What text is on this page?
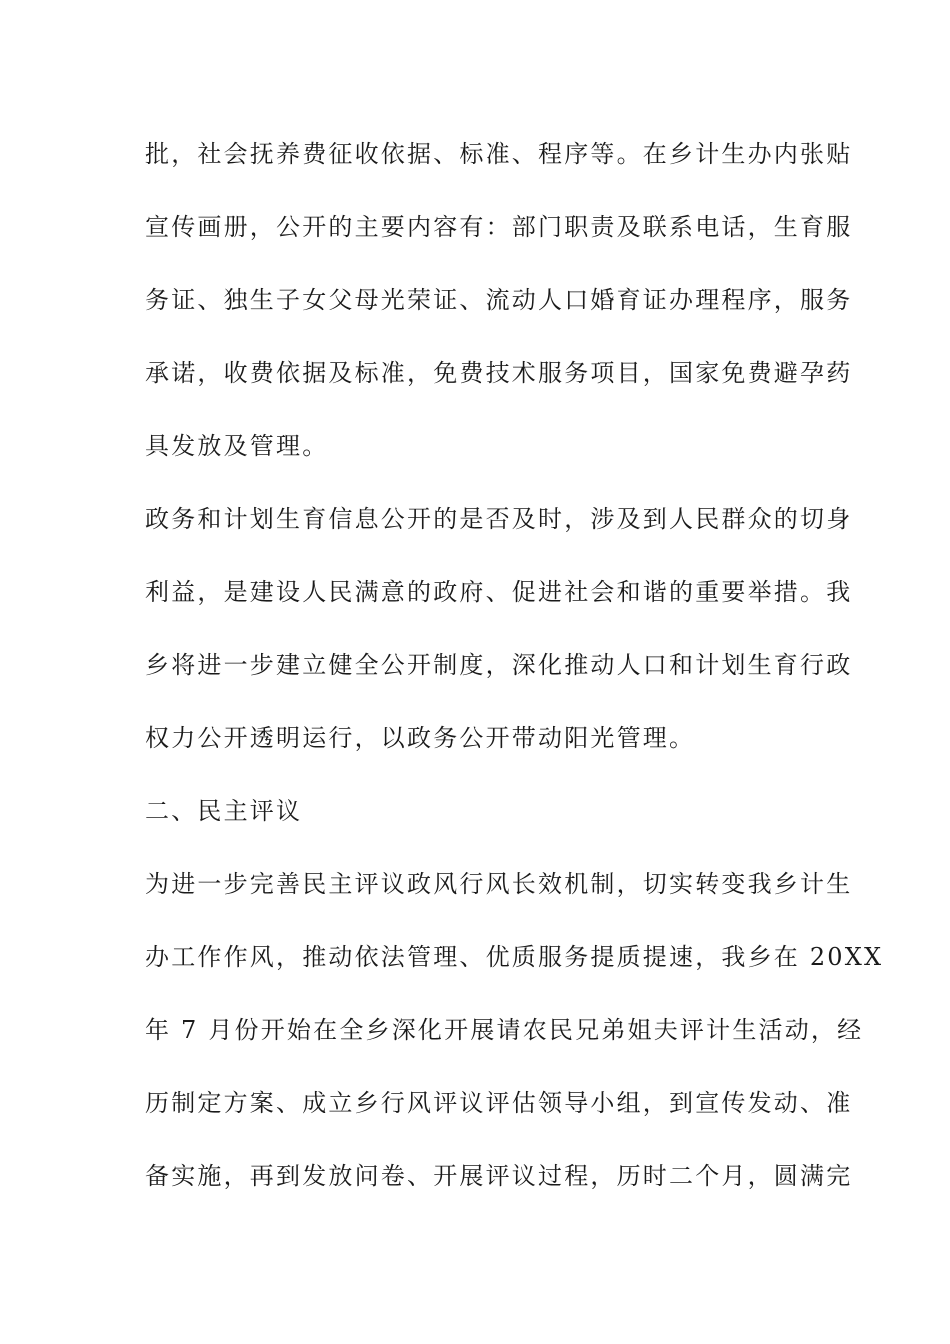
批，社会抚养费征收依据、标准、程序等。在乡计生办内张贴
宣传画册，公开的主要内容有：部门职责及联系电话，生育服
务证、独生子女父母光荣证、流动人口婚育证办理程序，服务
承诺，收费依据及标准，免费技术服务项目，国家免费避孕药
具发放及管理。
政务和计划生育信息公开的是否及时，涉及到人民群众的切身
利益，是建设人民满意的政府、促进社会和谐的重要举措。我
乡将进一步建立健全公开制度，深化推动人口和计划生育行政
权力公开透明运行，以政务公开带动阳光管理。
二、民主评议
为进一步完善民主评议政风行风长效机制，切实转变我乡计生
办工作作风，推动依法管理、优质服务提质提速，我乡在 20XX
年 7 月份开始在全乡深化开展请农民兄弟姐夫评计生活动，经
历制定方案、成立乡行风评议评估领导小组，到宣传发动、准
备实施，再到发放问卷、开展评议过程，历时二个月，圆满完
